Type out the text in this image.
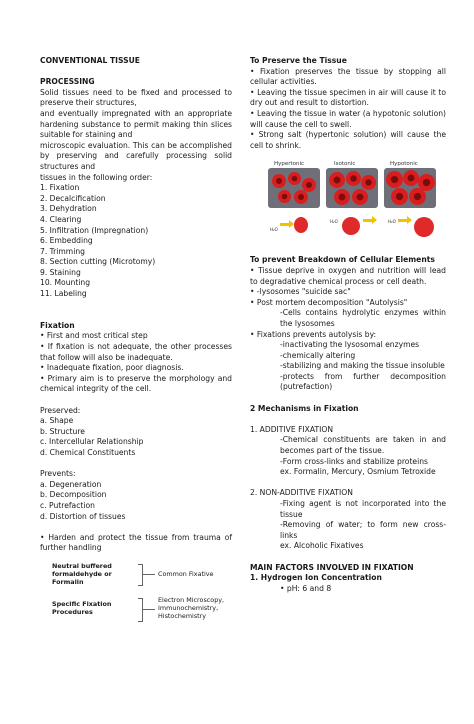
CONVENTIONAL TISSUE
PROCESSING
Solid tissues need to be fixed and processed to preserve their structures,
and eventually impregnated with an appropriate hardening substance to permit making thin slices suitable for staining and
microscopic evaluation. This can be accomplished by preserving and carefully processing solid structures and
tissues in the following order:
1. Fixation
2. Decalcification
3. Dehydration
4. Clearing
5. Infiltration (Impregnation)
6. Embedding
7. Trimming
8. Section cutting (Microtomy)
9. Staining
10. Mounting
11. Labeling
Fixation
• First and most critical step
• If fixation is not adequate, the other processes that follow will also be inadequate.
• Inadequate fixation, poor diagnosis.
• Primary aim is to preserve the morphology and chemical integrity of the cell.
Preserved:
a. Shape
b. Structure
c. Intercellular Relationship
d. Chemical Constituents
Prevents:
a. Degeneration
b. Decomposition
c. Putrefaction
d. Distortion of tissues
• Harden and protect the tissue from trauma of further handling
Neutral buffered
formaldehyde or
Formalin
Common Fixative
Specific Fixation
Procedures
Electron Microscopy,
Immunochemistry,
Histochemistry
To Preserve the Tissue
• Fixation preserves the tissue by stopping all cellular activities.
• Leaving the tissue specimen in air will cause it to dry out and result to distortion.
• Leaving the tissue in water (a hypotonic solution) will cause the cell to swell.
• Strong salt (hypertonic solution) will cause the cell to shrink.
Hypertonic	Isotonic	Hypotonic
H₂O
H₂O	H₂O
To prevent Breakdown of Cellular Elements
• Tissue deprive in oxygen and nutrition will lead to degradative chemical process or cell death.
• -lysosomes "suicide sac"
• Post mortem decomposition "Autolysis"
-Cells contains hydrolytic enzymes within the lysosomes
• Fixations prevents autolysis by:
-inactivating the lysosomal enzymes
-chemically altering
-stabilizing and making the tissue insoluble
-protects from further decomposition (putrefaction)
2 Mechanisms in Fixation
1. ADDITIVE FIXATION
-Chemical constituents are taken in and becomes part of the tissue.
-Form cross-links and stabilize proteins
ex. Formalin, Mercury, Osmium Tetroxide
2. NON-ADDITIVE FIXATION
-Fixing agent is not incorporated into the tissue
-Removing of water; to form new cross-links
ex. Alcoholic Fixatives
MAIN FACTORS INVOLVED IN FIXATION
1. Hydrogen Ion Concentration
• pH: 6 and 8
